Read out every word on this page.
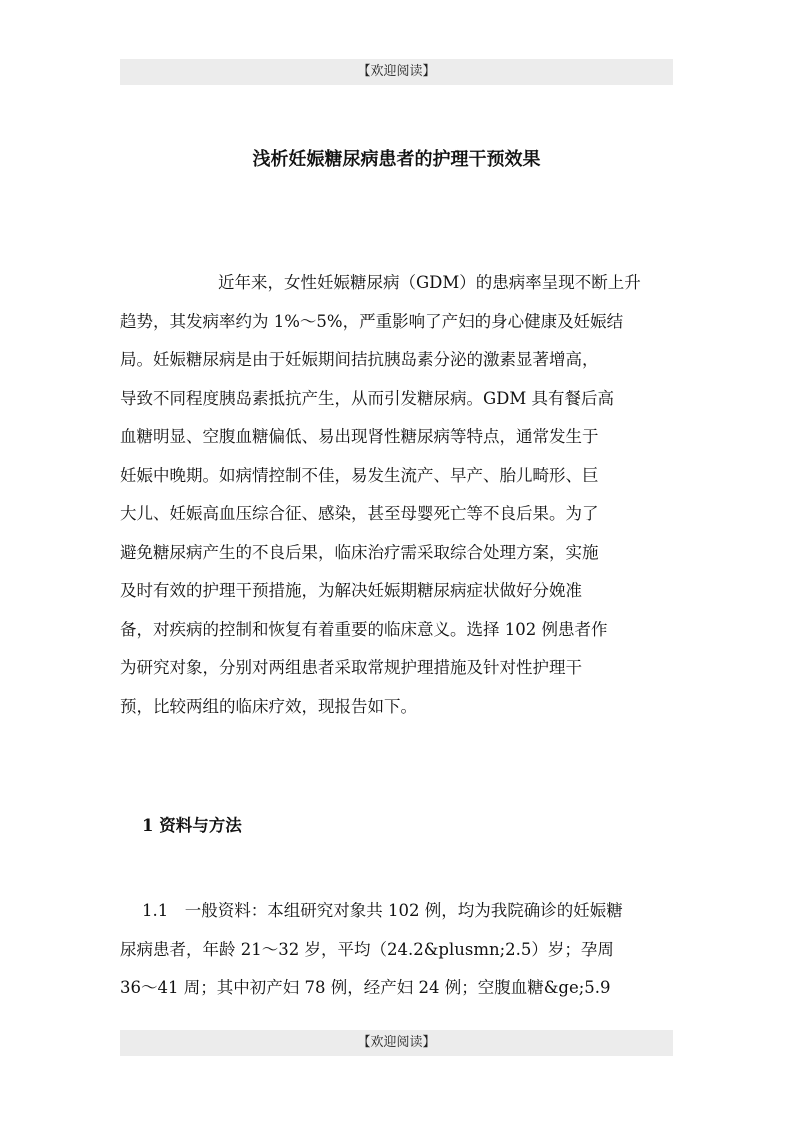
【欢迎阅读】
浅析妊娠糖尿病患者的护理干预效果
近年来，女性妊娠糖尿病（GDM）的患病率呈现不断上升
趋势，其发病率约为 1%～5%，严重影响了产妇的身心健康及妊娠结
局。妊娠糖尿病是由于妊娠期间拮抗胰岛素分泌的激素显著增高，
导致不同程度胰岛素抵抗产生，从而引发糖尿病。GDM 具有餐后高
血糖明显、空腹血糖偏低、易出现肾性糖尿病等特点，通常发生于
妊娠中晚期。如病情控制不佳，易发生流产、早产、胎儿畸形、巨
大儿、妊娠高血压综合征、感染，甚至母婴死亡等不良后果。为了
避免糖尿病产生的不良后果，临床治疗需采取综合处理方案，实施
及时有效的护理干预措施，为解决妊娠期糖尿病症状做好分娩准
备，对疾病的控制和恢复有着重要的临床意义。选择 102 例患者作
为研究对象，分别对两组患者采取常规护理措施及针对性护理干
预，比较两组的临床疗效，现报告如下。
1 资料与方法
1.1　一般资料：本组研究对象共 102 例，均为我院确诊的妊娠糖
尿病患者，年龄 21～32 岁，平均（24.2&plusmn;2.5）岁；孕周
36～41 周；其中初产妇 78 例，经产妇 24 例；空腹血糖&ge;5.9
【欢迎阅读】
